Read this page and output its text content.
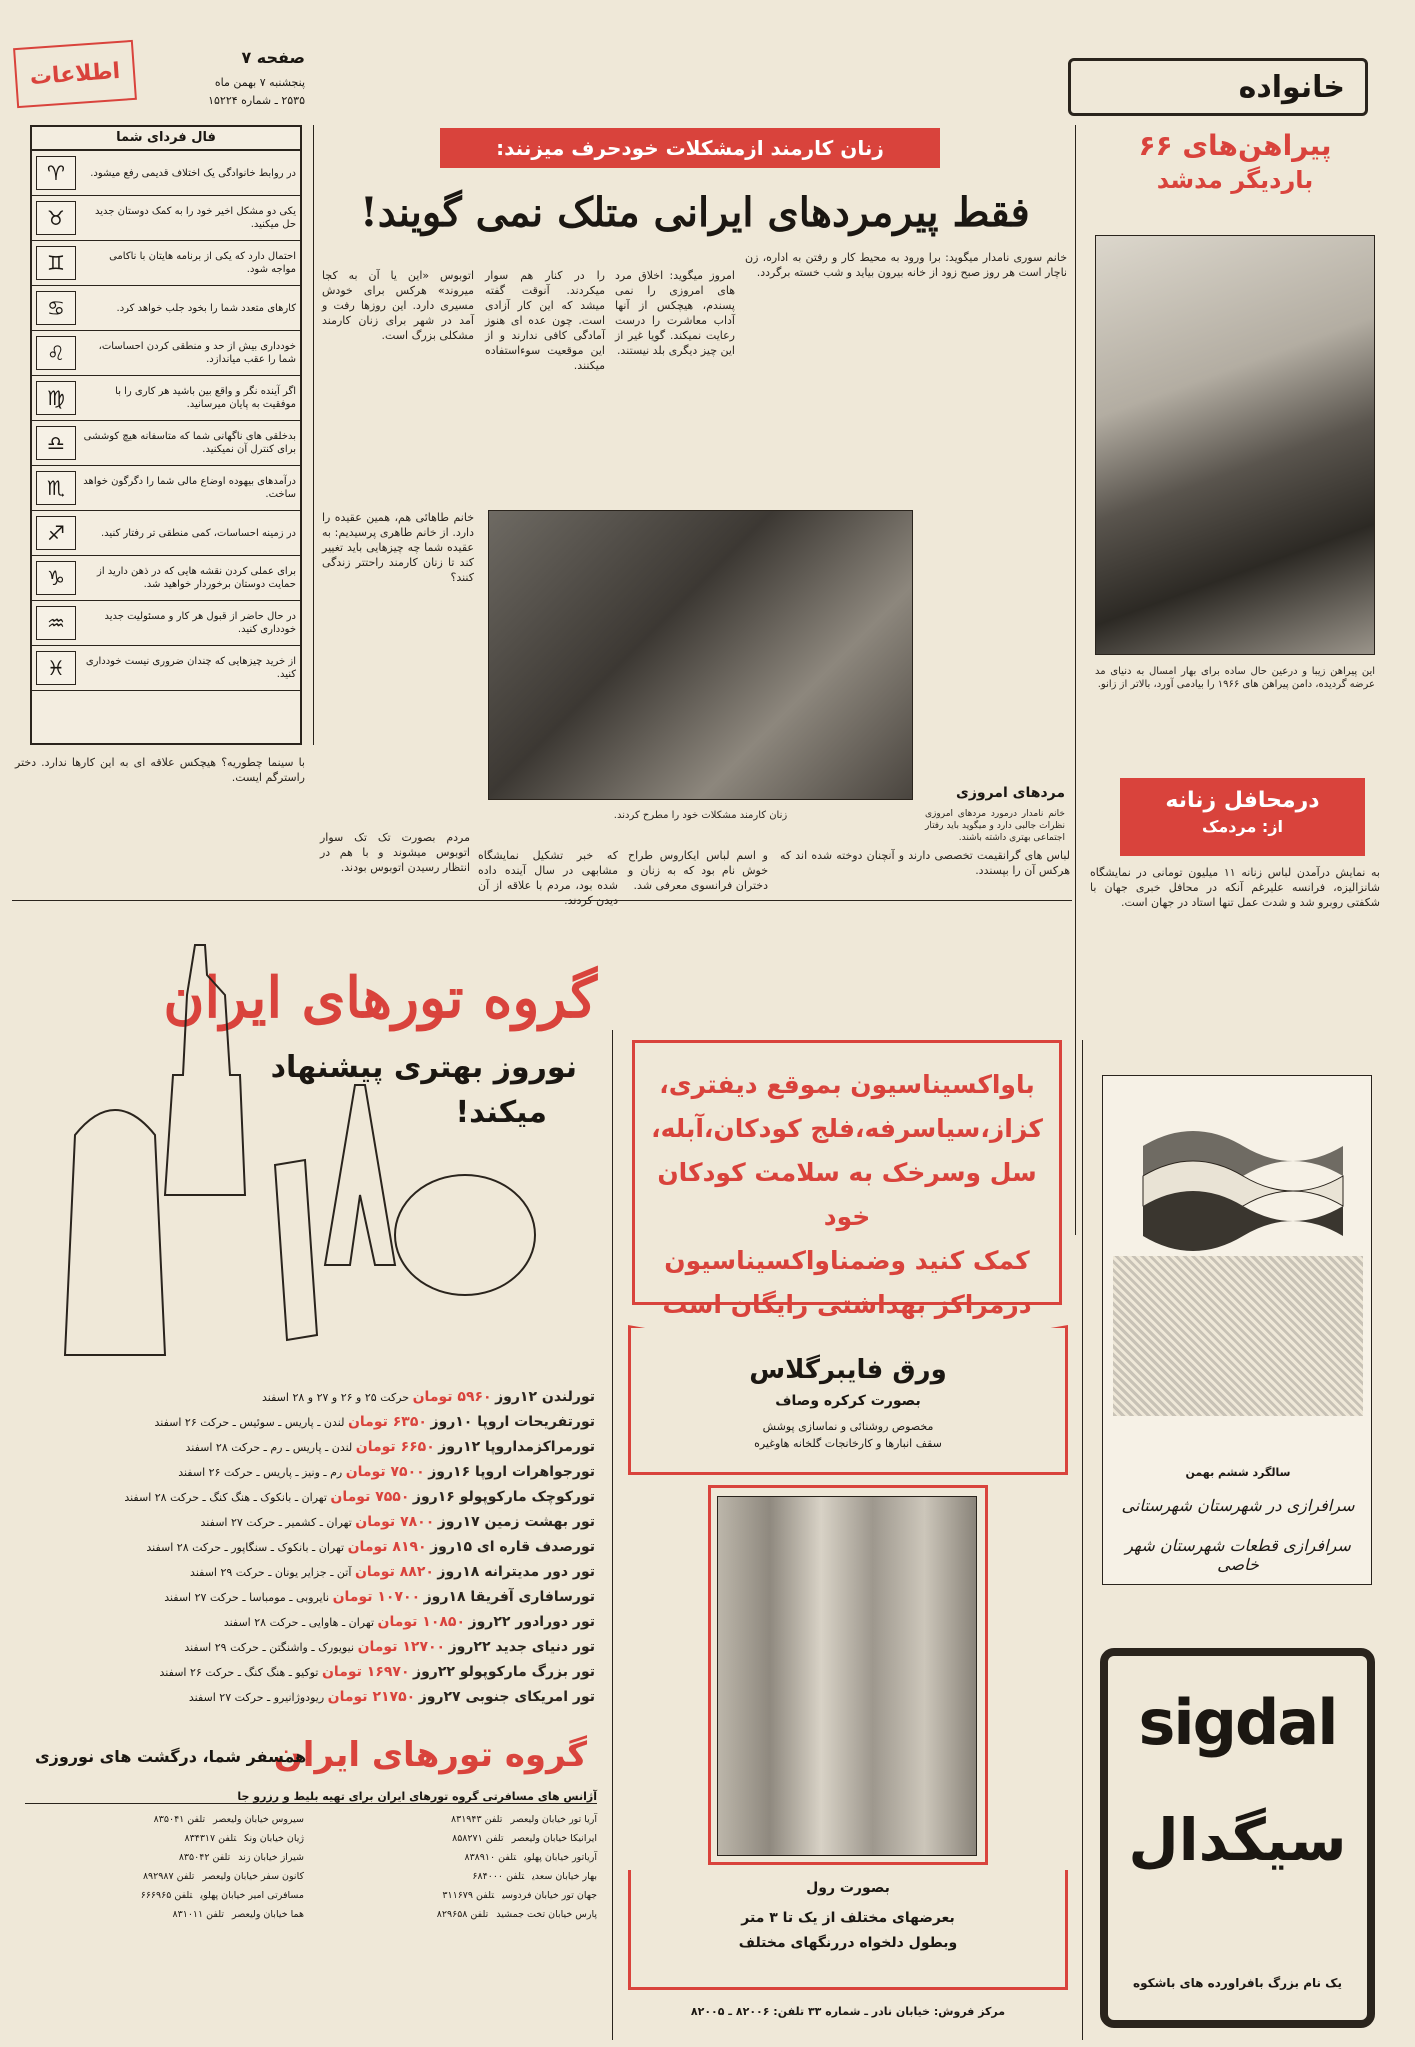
صفحه ۷
پنجشنبه ۷ بهمن ماه
۲۵۳۵ ـ شماره ۱۵۲۲۴
اطلاعات	خانواده
پیراهن‌های ۶۶
باردیگر مدشد
این پیراهن زیبا و درعین حال ساده برای بهار امسال به دنیای مد عرضه گردیده، دامن پیراهن های ۱۹۶۶ را بیادمی آورد، بالاتر از زانو.
زنان کارمند ازمشکلات خودحرف میزنند:
فقط پیرمردهای ایرانی متلک نمی گویند!
امروز میگوید: اخلاق مرد های امروزی را نمی پسندم، هیچکس از آنها آداب معاشرت را درست رعایت نمیکند. گویا غیر از این چیز دیگری بلد نیستند.
را در کنار هم سوار میکردند. آنوقت گفته میشد که این کار آزادی است. چون عده ای هنوز آمادگی کافی ندارند و از این موقعیت سوءاستفاده میکنند.
اتوبوس «این یا آن به کجا میروند» هرکس برای خودش مسیری دارد. این روزها رفت و آمد در شهر برای زنان کارمند مشکلی بزرگ است.
خانم سوری نامدار میگوید: برا ورود به محیط کار و رفتن به اداره، زن ناچار است هر روز صبح زود از خانه بیرون بیاید و شب خسته برگردد.
زنان کارمند مشکلات خود را مطرح کردند.
خانم طاهائی هم، همین عقیده را دارد. از خانم طاهری پرسیدیم: به عقیده شما چه چیزهایی باید تغییر کند تا زنان کارمند راحتتر زندگی کنند؟
مردهای امروزی
خانم نامدار درمورد مردهای امروزی نظرات جالبی دارد و میگوید باید رفتار اجتماعی بهتری داشته باشند.
فال فردای شما
در روابط خانوادگی یک اختلاف قدیمی رفع میشود.
♈
یکی دو مشکل اخیر خود را به کمک دوستان جدید حل میکنید.
♉
احتمال دارد که یکی از برنامه هایتان با ناکامی مواجه شود.
♊
کارهای متعدد شما را بخود جلب خواهد کرد.
♋
خودداری بیش از حد و منطقی کردن احساسات، شما را عقب میاندازد.
♌
اگر آینده نگر و واقع بین باشید هر کاری را با موفقیت به پایان میرسانید.
♍
بدخلقی های ناگهانی شما که متاسفانه هیچ کوششی برای کنترل آن نمیکنید.
♎
درآمدهای بیهوده اوضاع مالی شما را دگرگون خواهد ساخت.
♏
در زمینه احساسات، کمی منطقی تر رفتار کنید.
♐
برای عملی کردن نقشه هایی که در ذهن دارید از حمایت دوستان برخوردار خواهید شد.
♑
در حال حاضر از قبول هر کار و مسئولیت جدید خودداری کنید.
♒
از خرید چیزهایی که چندان ضروری نیست خودداری کنید.
♓
با سینما چطوریه؟ هیچکس علاقه ای به این کارها ندارد. دختر راسترگم ایست.
مردم بصورت تک تک سوار اتوبوس میشوند و با هم در انتظار رسیدن اتوبوس بودند.
که خبر تشکیل نمایشگاه مشابهی در سال آینده داده شده بود، مردم با علاقه از آن دیدن کردند.
و اسم لباس ایکاروس طراح خوش نام بود که به زنان و دختران فرانسوی معرفی شد.
لباس های گرانقیمت تخصصی دارند و آنچنان دوخته شده اند که هرکس آن را بپسندد.
درمحافل زنانه
از: مردمک
به نمایش درآمدن لباس زنانه ۱۱ میلیون تومانی در نمایشگاه شانزالیزه، فرانسه علیرغم آنکه در محافل خبری جهان با شکفتی روبرو شد و شدت عمل تنها استاد در جهان است.
گروه تورهای ایران
نوروز بهتری پیشنهاد
میکند!
تورلندن ۱۲روز ۵۹۶۰ تومان حرکت ۲۵ و ۲۶ و ۲۷ و ۲۸ اسفند
تورتفریحات اروپا ۱۰روز ۶۳۵۰ تومان لندن ـ پاریس ـ سوئیس ـ حرکت ۲۶ اسفند
تورمراکزمداروپا ۱۲روز ۶۶۵۰ تومان لندن ـ پاریس ـ رم ـ حرکت ۲۸ اسفند
تورجواهرات اروپا ۱۶روز ۷۵۰۰ تومان رم ـ ونیز ـ پاریس ـ حرکت ۲۶ اسفند
تورکوچک مارکوپولو ۱۶روز ۷۵۵۰ تومان تهران ـ بانکوک ـ هنگ کنگ ـ حرکت ۲۸ اسفند
تور بهشت زمین ۱۷روز ۷۸۰۰ تومان تهران ـ کشمیر ـ حرکت ۲۷ اسفند
تورصدف قاره ای ۱۵روز ۸۱۹۰ تومان تهران ـ بانکوک ـ سنگاپور ـ حرکت ۲۸ اسفند
تور دور مدیترانه ۱۸روز ۸۸۲۰ تومان آتن ـ جزایر یونان ـ حرکت ۲۹ اسفند
تورسافاری آفریقا ۱۸روز ۱۰۷۰۰ تومان نایروبی ـ مومباسا ـ حرکت ۲۷ اسفند
تور دورادور ۲۲روز ۱۰۸۵۰ تومان تهران ـ هاوایی ـ حرکت ۲۸ اسفند
تور دنیای جدید ۲۲روز ۱۲۷۰۰ تومان نیویورک ـ واشنگتن ـ حرکت ۲۹ اسفند
تور بزرگ مارکوپولو ۲۲روز ۱۶۹۷۰ تومان توکیو ـ هنگ کنگ ـ حرکت ۲۶ اسفند
تور امریکای جنوبی ۲۷روز ۲۱۷۵۰ تومان ریودوژانیرو ـ حرکت ۲۷ اسفند
گروه تورهای ایران
همسفر شما، درگشت های نوروزی
آژانس های مسافرتی گروه تورهای ایران برای تهیه بلیط و رزرو جا
آریا تور خیابان ولیعصرتلفن ۸۳۱۹۴۳
ایرانیکا خیابان ولیعصرتلفن ۸۵۸۲۷۱
آریاتور خیابان پهلویتلفن ۸۳۸۹۱۰
بهار خیابان سعدیتلفن ۶۸۴۰۰۰
جهان تور خیابان فردوسیتلفن ۳۱۱۶۷۹
پارس خیابان تخت جمشیدتلفن ۸۲۹۶۵۸
سیروس خیابان ولیعصرتلفن ۸۳۵۰۴۱
ژیان خیابان ونکتلفن ۸۳۴۳۱۷
شیراز خیابان زندتلفن ۸۳۵۰۴۲
کانون سفر خیابان ولیعصرتلفن ۸۹۲۹۸۷
مسافرتی امیر خیابان پهلویتلفن ۶۶۶۹۶۵
هما خیابان ولیعصرتلفن ۸۳۱۰۱۱
باواکسیناسیون بموقع دیفتری،
کزاز،سیاسرفه،فلج کودکان،آبله،
سل وسرخک به سلامت کودکان خود
کمک کنید وضمناواکسیناسیون
درمراکز بهداشتی رایگان است
ورق فایبرگلاس
بصورت کرکره وصاف
مخصوص روشنائی و نماسازی پوشش
سقف انبارها و کارخانجات گلخانه هاوغیره
بصورت رول
بعرضهای مختلف از یک تا ۳ متر
وبطول دلخواه دررنگهای مختلف
مرکز فروش: خیابان نادر ـ شماره ۳۳ تلفن: ۸۲۰۰۶ ـ ۸۲۰۰۵
سالگرد ششم بهمن
سرافرازی در شهرستان شهرستانی
سرافرازی قطعات شهرستان شهر خاصی
sigdal
سیگدال
یک نام بزرگ بافراورده های باشکوه
